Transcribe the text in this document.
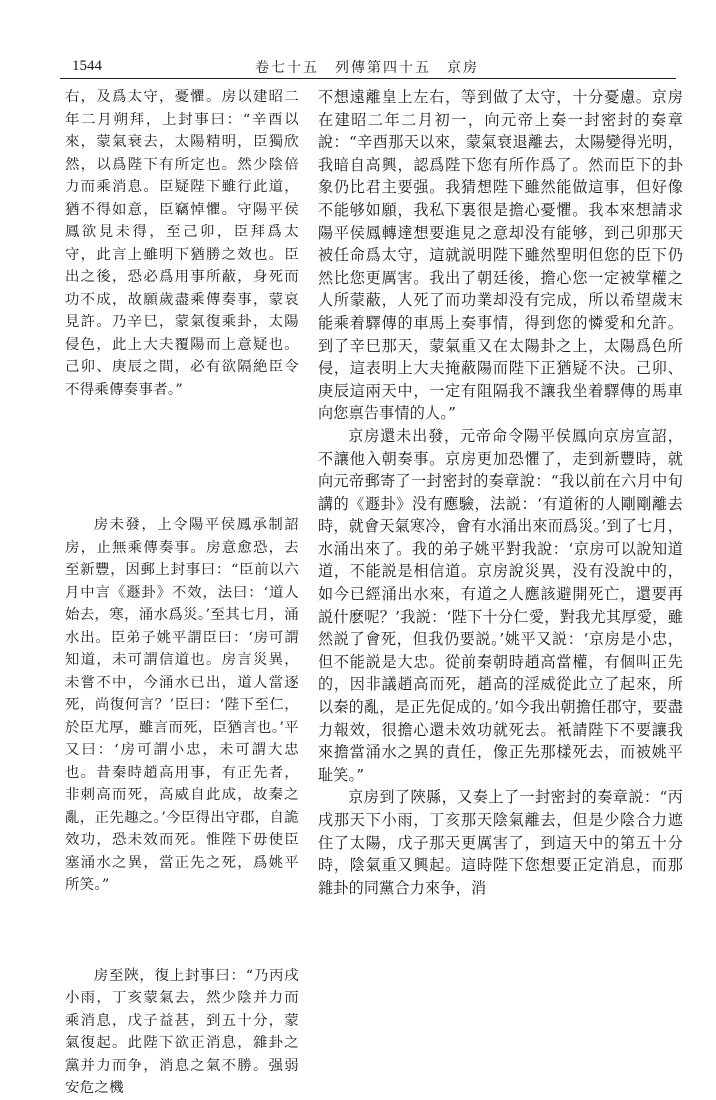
1544	卷七十五 列傳第四十五 京房

右，及爲太守，憂懼。房以建昭二年二月朔拜，上封事曰：“辛酉以來，蒙氣衰去，太陽精明，臣獨欣然，以爲陛下有所定也。然少陰倍力而乘消息。臣疑陛下雖行此道，猶不得如意，臣竊悼懼。守陽平侯鳳欲見未得，至己卯，臣拜爲太守，此言上雖明下猶勝之效也。臣出之後，恐必爲用事所蔽，身死而功不成，故願歲盡乘傳奏事，蒙哀見許。乃辛巳，蒙氣復乘卦，太陽侵色，此上大夫覆陽而上意疑也。己卯、庚辰之間，必有欲隔絶臣令不得乘傳奏事者。”

房未發，上令陽平侯鳳承制詔房，止無乘傳奏事。房意愈恐，去至新豐，因郵上封事曰：“臣前以六月中言《遯卦》不效，法曰：‘道人始去，寒，涌水爲災。’至其七月，涌水出。臣弟子姚平謂臣曰：‘房可謂知道，未可謂信道也。房言災異，未嘗不中，今涌水已出，道人當逐死，尚復何言？’臣曰：‘陛下至仁，於臣尤厚，雖言而死，臣猶言也。’平又曰：‘房可謂小忠，未可謂大忠也。昔秦時趙高用事，有正先者，非刺高而死，高威自此成，故秦之亂，正先趣之。’今臣得出守郡，自詭效功，恐未效而死。惟陛下毋使臣塞涌水之異，當正先之死，爲姚平所笑。”

房至陜，復上封事曰：“乃丙戌小雨，丁亥蒙氣去，然少陰并力而乘消息，戊子益甚，到五十分，蒙氣復起。此陛下欲正消息，雜卦之黨并力而争，消息之氣不勝。强弱安危之機

不想遠離皇上左右，等到做了太守，十分憂慮。京房在建昭二年二月初一，向元帝上奏一封密封的奏章說：“辛酉那天以來，蒙氣衰退離去，太陽變得光明，我暗自高興，認爲陛下您有所作爲了。然而臣下的卦象仍比君主要强。我猜想陛下雖然能做這事，但好像不能够如願，我私下裏很是擔心憂懼。我本來想請求陽平侯鳳轉達想要進見之意却没有能够，到己卯那天被任命爲太守，這就説明陛下雖然聖明但您的臣下仍然比您更厲害。我出了朝廷後，擔心您一定被掌權之人所蒙蔽，人死了而功業却没有完成，所以希望歲末能乘着驛傳的車馬上奏事情，得到您的憐愛和允許。到了辛巳那天，蒙氣重又在太陽卦之上，太陽爲色所侵，這表明上大夫掩蔽陽而陛下正猶疑不決。己卯、庚辰這兩天中，一定有阻隔我不讓我坐着驛傳的馬車向您禀告事情的人。”

京房還未出發，元帝命令陽平侯鳳向京房宣詔，不讓他入朝奏事。京房更加恐懼了，走到新豐時，就向元帝郵寄了一封密封的奏章說：“我以前在六月中旬講的《遯卦》没有應驗，法説：‘有道術的人剛剛離去時，就會天氣寒冷，會有水涌出來而爲災。’到了七月，水涌出來了。我的弟子姚平對我說：‘京房可以說知道道，不能説是相信道。京房說災異，没有没說中的，如今已經涌出水來，有道之人應該避開死亡，還要再説什麽呢？’我説：‘陛下十分仁愛，對我尤其厚愛，雖然説了會死，但我仍要説。’姚平又説：‘京房是小忠，但不能説是大忠。從前秦朝時趙高當權，有個叫正先的，因非議趙高而死，趙高的淫威從此立了起來，所以秦的亂，是正先促成的。’如今我出朝擔任郡守，要盡力報效，很擔心還未效功就死去。衹請陛下不要讓我來擔當涌水之異的責任，像正先那樣死去，而被姚平耻笑。”

京房到了陜縣，又奏上了一封密封的奏章説：“丙戌那天下小雨，丁亥那天陰氣離去，但是少陰合力遮住了太陽，戊子那天更厲害了，到這天中的第五十分時，陰氣重又興起。這時陛下您想要正定消息，而那雜卦的同黨合力來争，消
